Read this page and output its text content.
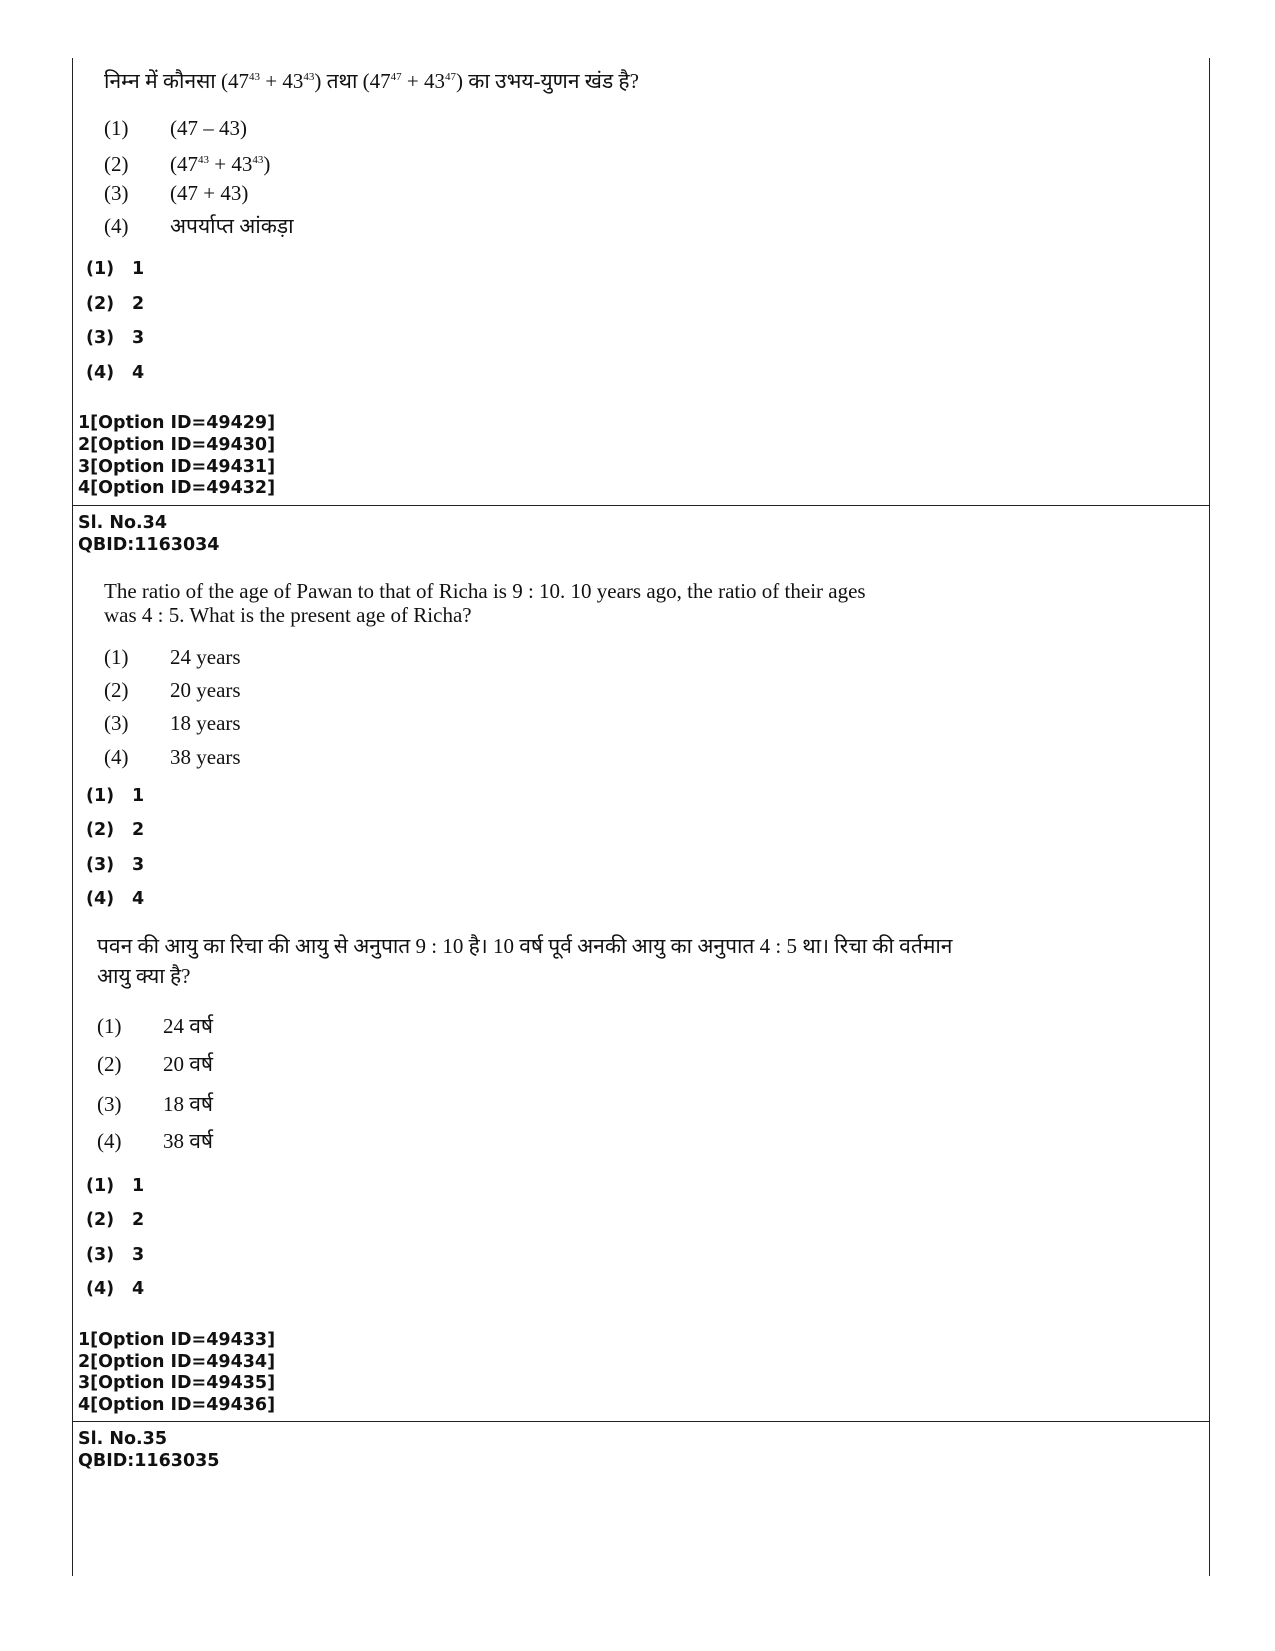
निम्न में कौनसा $(47^{43} + 43^{43})$ तथा $(47^{47} + 43^{47})$ का उभय-युणन खंड है?
(1) (47 – 43)
(2) $(47^{43} + 43^{43})$
(3) (47 + 43)
(4) अपर्याप्त आंकड़ा
(1) 1
(2) 2
(3) 3
(4) 4
1[Option ID=49429]
2[Option ID=49430]
3[Option ID=49431]
4[Option ID=49432]
Sl. No.34
QBID:1163034
The ratio of the age of Pawan to that of Richa is 9 : 10. 10 years ago, the ratio of their ages
was 4 : 5. What is the present age of Richa?
(1) 24 years
(2) 20 years
(3) 18 years
(4) 38 years
(1) 1
(2) 2
(3) 3
(4) 4
पवन की आयु का रिचा की आयु से अनुपात 9 : 10 है। 10 वर्ष पूर्व अनकी आयु का अनुपात 4 : 5 था। रिचा की वर्तमान
आयु क्या है?
(1) 24 वर्ष
(2) 20 वर्ष
(3) 18 वर्ष
(4) 38 वर्ष
(1) 1
(2) 2
(3) 3
(4) 4
1[Option ID=49433]
2[Option ID=49434]
3[Option ID=49435]
4[Option ID=49436]
Sl. No.35
QBID:1163035
